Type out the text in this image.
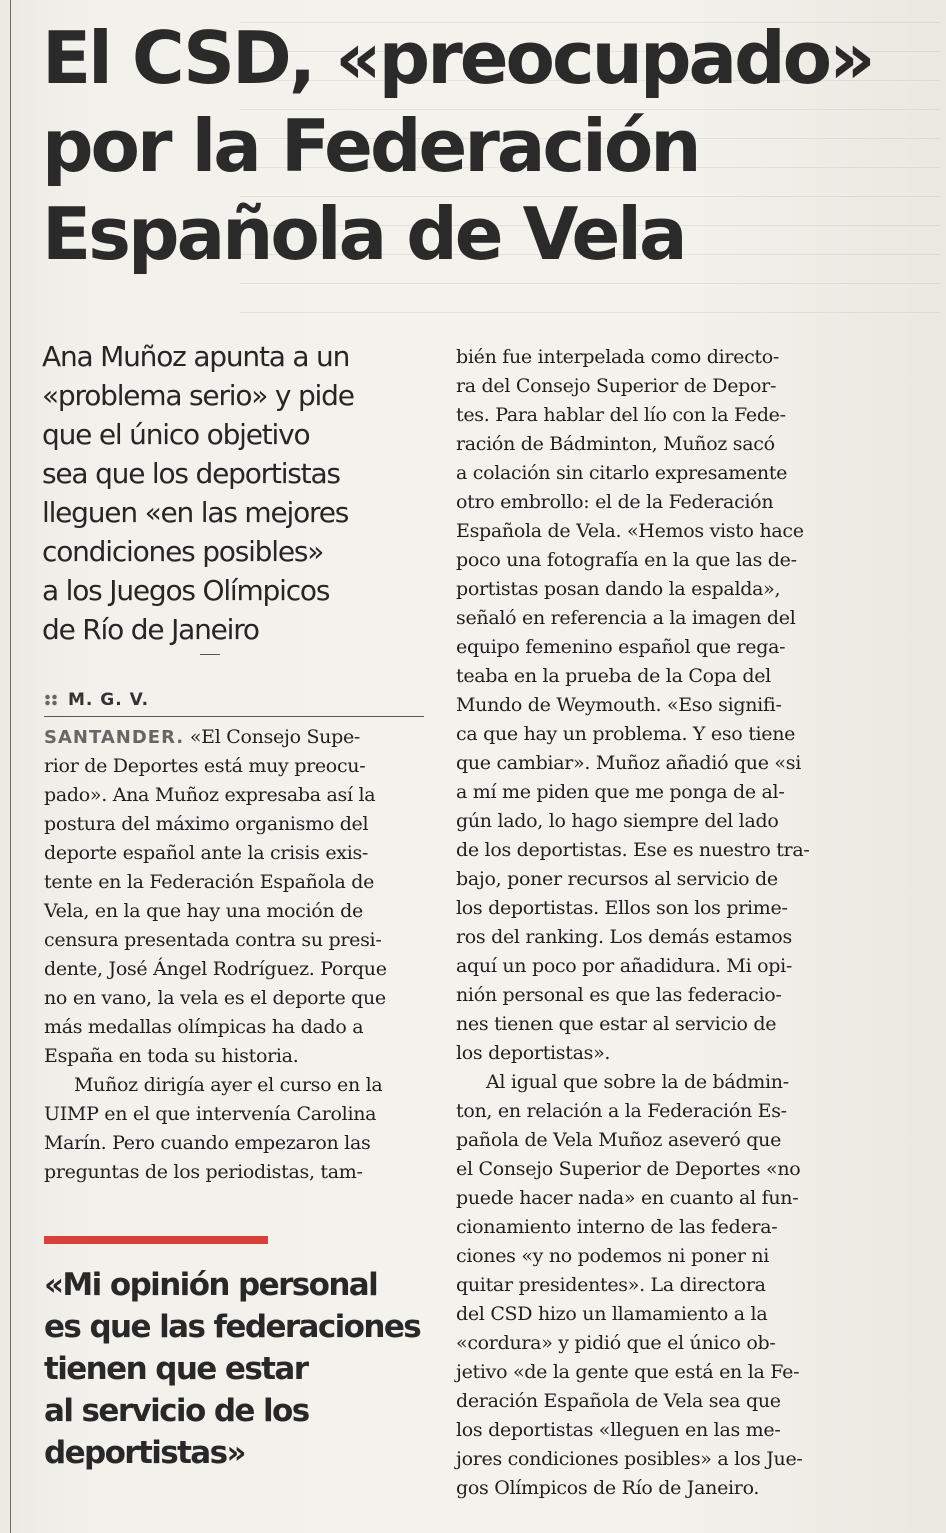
El CSD, «preocupado»
por la Federación
Española de Vela
Ana Muñoz apunta a un
«problema serio» y pide
que el único objetivo
sea que los deportistas
lleguen «en las mejores
condiciones posibles»
a los Juegos Olímpicos
de Río de Janeiro
M. G. V.
SANTANDER. «El Consejo Supe-
rior de Deportes está muy preocu-
pado». Ana Muñoz expresaba así la
postura del máximo organismo del
deporte español ante la crisis exis-
tente en la Federación Española de
Vela, en la que hay una moción de
censura presentada contra su presi-
dente, José Ángel Rodríguez. Porque
no en vano, la vela es el deporte que
más medallas olímpicas ha dado a
España en toda su historia.
Muñoz dirigía ayer el curso en la
UIMP en el que intervenía Carolina
Marín. Pero cuando empezaron las
preguntas de los periodistas, tam-
«Mi opinión personal
es que las federaciones
tienen que estar
al servicio de los
deportistas»
bién fue interpelada como directo-
ra del Consejo Superior de Depor-
tes. Para hablar del lío con la Fede-
ración de Bádminton, Muñoz sacó
a colación sin citarlo expresamente
otro embrollo: el de la Federación
Española de Vela. «Hemos visto hace
poco una fotografía en la que las de-
portistas posan dando la espalda»,
señaló en referencia a la imagen del
equipo femenino español que rega-
teaba en la prueba de la Copa del
Mundo de Weymouth. «Eso signifi-
ca que hay un problema. Y eso tiene
que cambiar». Muñoz añadió que «si
a mí me piden que me ponga de al-
gún lado, lo hago siempre del lado
de los deportistas. Ese es nuestro tra-
bajo, poner recursos al servicio de
los deportistas. Ellos son los prime-
ros del ranking. Los demás estamos
aquí un poco por añadidura. Mi opi-
nión personal es que las federacio-
nes tienen que estar al servicio de
los deportistas».
Al igual que sobre la de bádmin-
ton, en relación a la Federación Es-
pañola de Vela Muñoz aseveró que
el Consejo Superior de Deportes «no
puede hacer nada» en cuanto al fun-
cionamiento interno de las federa-
ciones «y no podemos ni poner ni
quitar presidentes». La directora
del CSD hizo un llamamiento a la
«cordura» y pidió que el único ob-
jetivo «de la gente que está en la Fe-
deración Española de Vela sea que
los deportistas «lleguen en las me-
jores condiciones posibles» a los Jue-
gos Olímpicos de Río de Janeiro.
